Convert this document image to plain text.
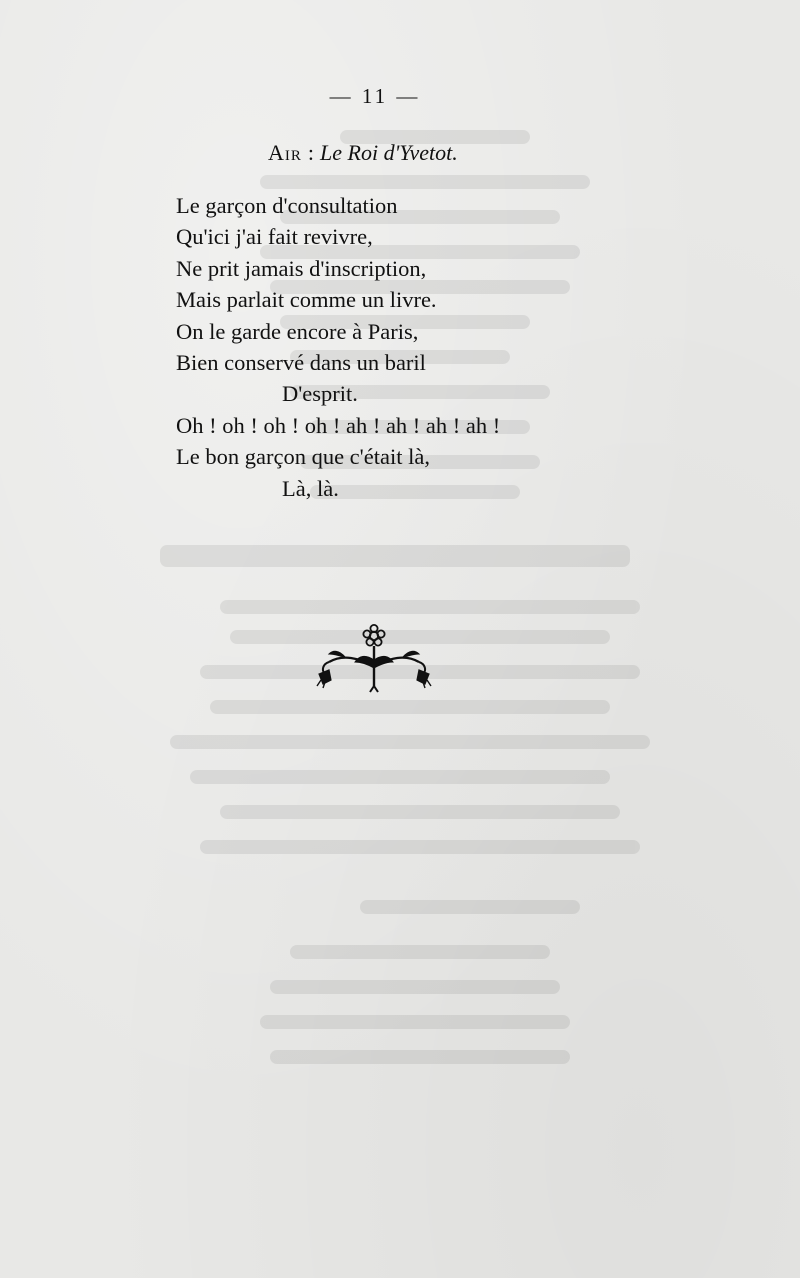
— 11 —
Air : Le Roi d'Yvetot.
Le garçon d'consultation
Qu'ici j'ai fait revivre,
Ne prit jamais d'inscription,
Mais parlait comme un livre.
On le garde encore à Paris,
Bien conservé dans un baril
D'esprit.
Oh ! oh ! oh ! oh ! ah ! ah ! ah ! ah !
Le bon garçon que c'était là,
Là, là.
